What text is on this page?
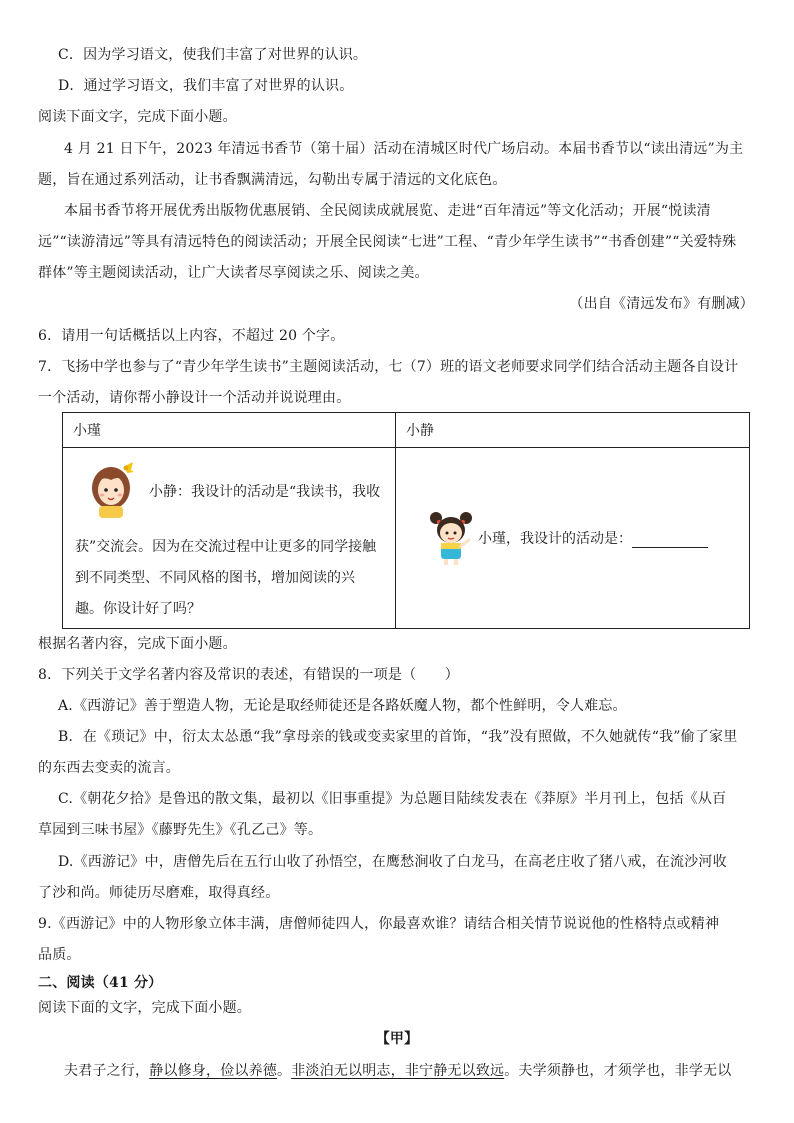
C．因为学习语文，使我们丰富了对世界的认识。
D．通过学习语文，我们丰富了对世界的认识。
阅读下面文字，完成下面小题。
4 月 21 日下午，2023 年清远书香节（第十届）活动在清城区时代广场启动。本届书香节以“读出清远”为主
题，旨在通过系列活动，让书香飘满清远，勾勒出专属于清远的文化底色。
本届书香节将开展优秀出版物优惠展销、全民阅读成就展览、走进“百年清远”等文化活动；开展“悦读清
远”“读游清远”等具有清远特色的阅读活动；开展全民阅读“七进”工程、“青少年学生读书”“书香创建”“关爱特殊
群体”等主题阅读活动，让广大读者尽享阅读之乐、阅读之美。
（出自《清远发布》有删减）
6．请用一句话概括以上内容，不超过 20 个字。
7．飞扬中学也参与了“青少年学生读书”主题阅读活动，七（7）班的语文老师要求同学们结合活动主题各自设计
一个活动，请你帮小静设计一个活动并说说理由。
小瑾	小静

小静：我设计的活动是“我读书，我收
获”交流会。因为在交流过程中让更多的同学接触
到不同类型、不同风格的图书，增加阅读的兴
趣。你设计好了吗？	小瑾，我设计的活动是：
根据名著内容，完成下面小题。
8．下列关于文学名著内容及常识的表述，有错误的一项是（　　）
A.《西游记》善于塑造人物，无论是取经师徒还是各路妖魔人物，都个性鲜明，令人难忘。
B．在《琐记》中，衍太太怂恿“我”拿母亲的钱或变卖家里的首饰，“我”没有照做，不久她就传“我”偷了家里
的东西去变卖的流言。
C.《朝花夕拾》是鲁迅的散文集，最初以《旧事重提》为总题目陆续发表在《莽原》半月刊上，包括《从百
草园到三味书屋》《藤野先生》《孔乙己》等。
D.《西游记》中，唐僧先后在五行山收了孙悟空，在鹰愁涧收了白龙马，在高老庄收了猪八戒，在流沙河收
了沙和尚。师徒历尽磨难，取得真经。
9.《西游记》中的人物形象立体丰满，唐僧师徒四人，你最喜欢谁？请结合相关情节说说他的性格特点或精神
品质。
二、阅读（41 分）
阅读下面的文字，完成下面小题。
【甲】
夫君子之行，静以修身，俭以养德。非淡泊无以明志，非宁静无以致远。夫学须静也，才须学也，非学无以
